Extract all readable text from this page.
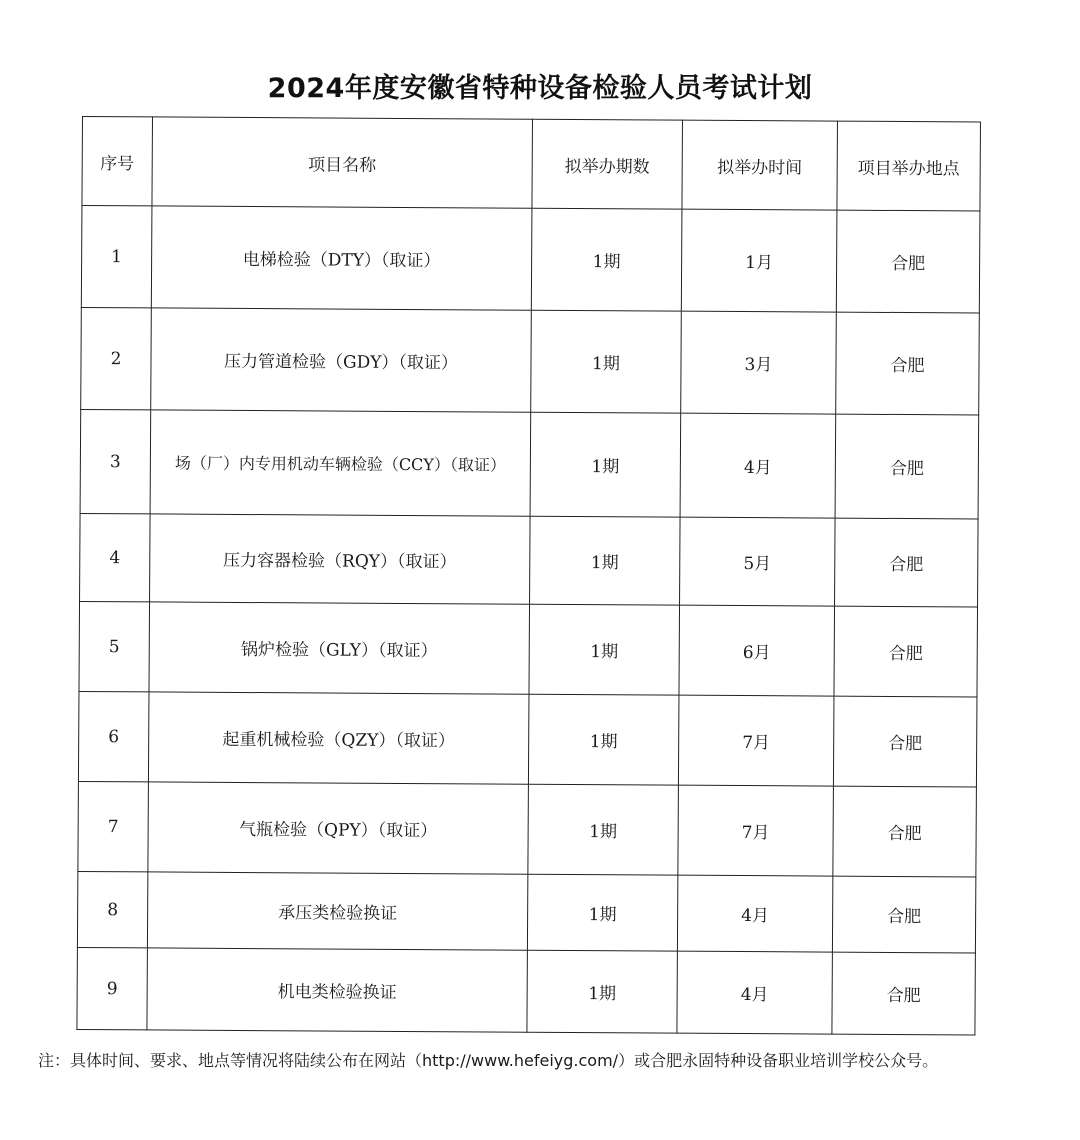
2024年度安徽省特种设备检验人员考试计划
序号	项目名称	拟举办期数	拟举办时间	项目举办地点
1	电梯检验（DTY）（取证）	1期	1月	合肥
2	压力管道检验（GDY）（取证）	1期	3月	合肥
3	场（厂）内专用机动车辆检验（CCY）（取证）	1期	4月	合肥
4	压力容器检验（RQY）（取证）	1期	5月	合肥
5	锅炉检验（GLY）（取证）	1期	6月	合肥
6	起重机械检验（QZY）（取证）	1期	7月	合肥
7	气瓶检验（QPY）（取证）	1期	7月	合肥
8	承压类检验换证	1期	4月	合肥
9	机电类检验换证	1期	4月	合肥
注：具体时间、要求、地点等情况将陆续公布在网站（http://www.hefeiyg.com/）或合肥永固特种设备职业培训学校公众号。
